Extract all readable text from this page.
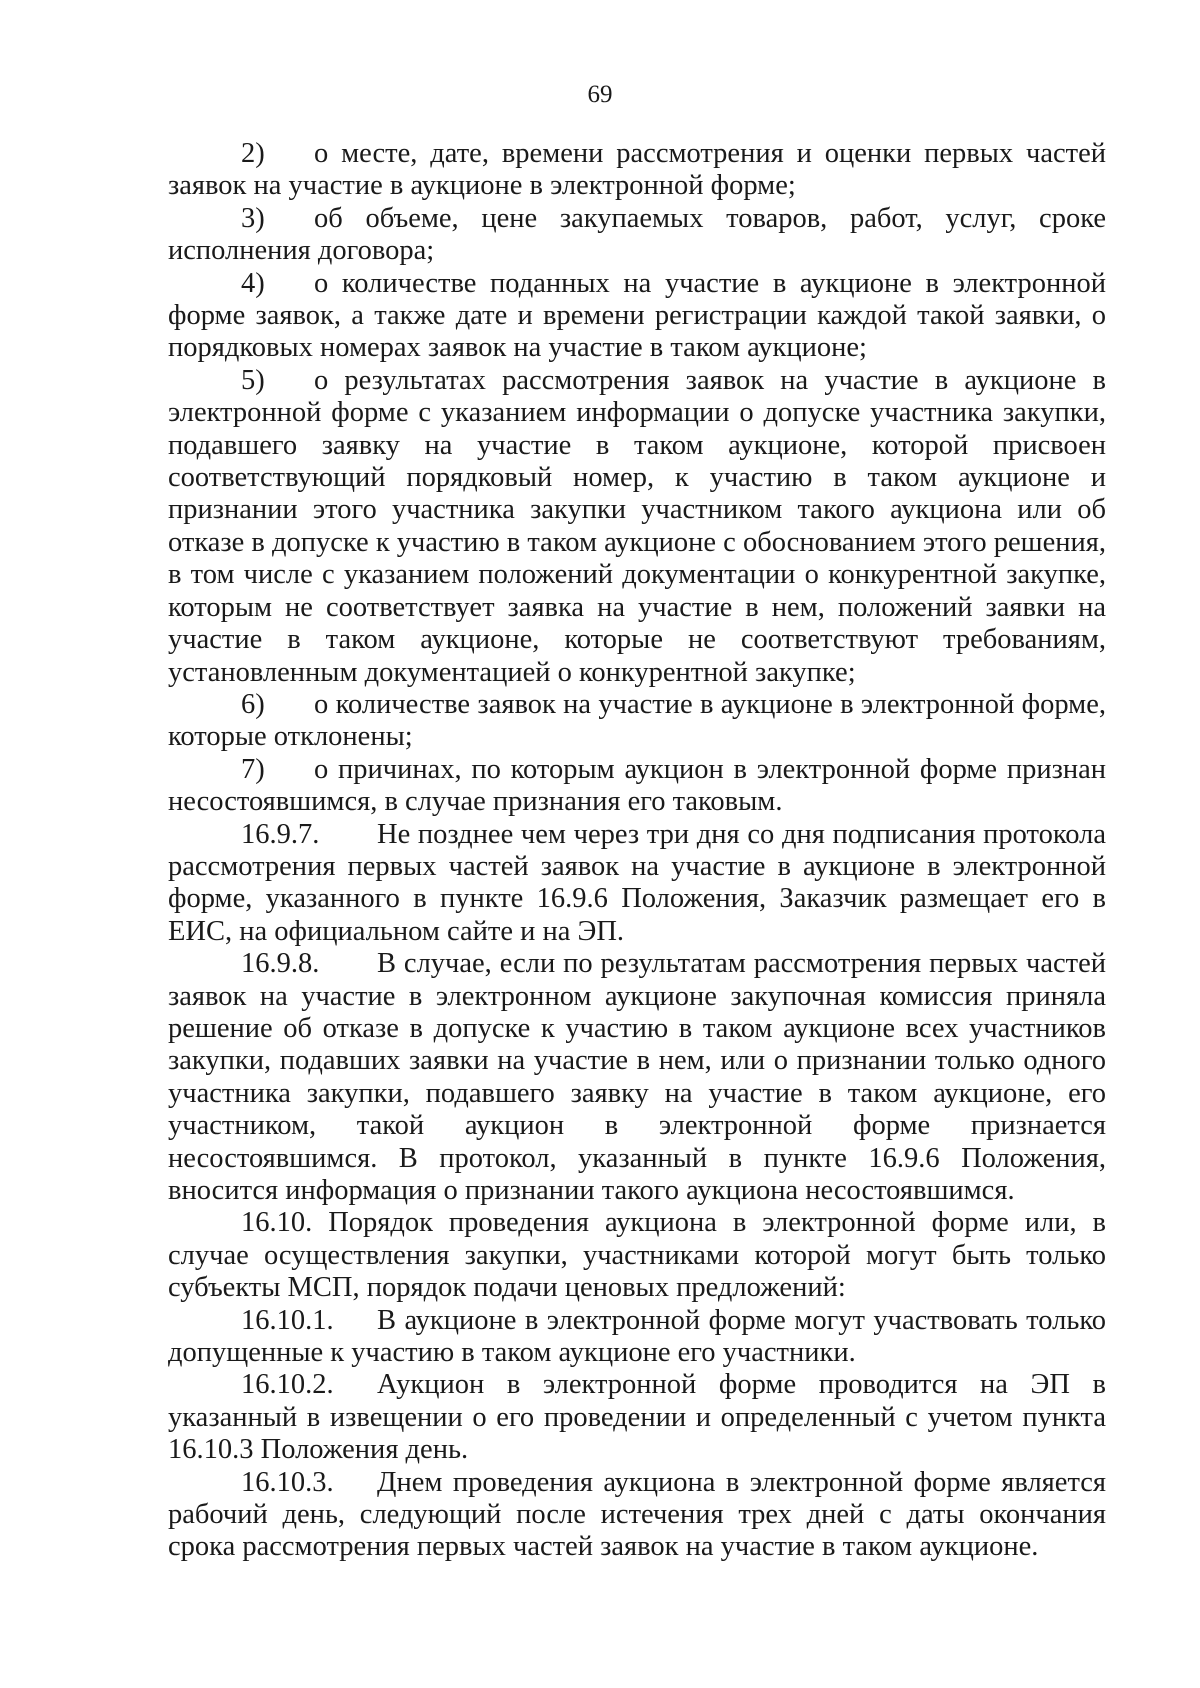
69

2) о месте, дате, времени рассмотрения и оценки первых частей заявок на участие в аукционе в электронной форме;

3) об объеме, цене закупаемых товаров, работ, услуг, сроке исполнения договора;

4) о количестве поданных на участие в аукционе в электронной форме заявок, а также дате и времени регистрации каждой такой заявки, о порядковых номерах заявок на участие в таком аукционе;

5) о результатах рассмотрения заявок на участие в аукционе в электронной форме с указанием информации о допуске участника закупки, подавшего заявку на участие в таком аукционе, которой присвоен соответствующий порядковый номер, к участию в таком аукционе и признании этого участника закупки участником такого аукциона или об отказе в допуске к участию в таком аукционе с обоснованием этого решения, в том числе с указанием положений документации о конкурентной закупке, которым не соответствует заявка на участие в нем, положений заявки на участие в таком аукционе, которые не соответствуют требованиям, установленным документацией о конкурентной закупке;

6) о количестве заявок на участие в аукционе в электронной форме, которые отклонены;

7) о причинах, по которым аукцион в электронной форме признан несостоявшимся, в случае признания его таковым.

16.9.7. Не позднее чем через три дня со дня подписания протокола рассмотрения первых частей заявок на участие в аукционе в электронной форме, указанного в пункте 16.9.6 Положения, Заказчик размещает его в ЕИС, на официальном сайте и на ЭП.

16.9.8. В случае, если по результатам рассмотрения первых частей заявок на участие в электронном аукционе закупочная комиссия приняла решение об отказе в допуске к участию в таком аукционе всех участников закупки, подавших заявки на участие в нем, или о признании только одного участника закупки, подавшего заявку на участие в таком аукционе, его участником, такой аукцион в электронной форме признается несостоявшимся. В протокол, указанный в пункте 16.9.6 Положения, вносится информация о признании такого аукциона несостоявшимся.

16.10. Порядок проведения аукциона в электронной форме или, в случае осуществления закупки, участниками которой могут быть только субъекты МСП, порядок подачи ценовых предложений:

16.10.1. В аукционе в электронной форме могут участвовать только допущенные к участию в таком аукционе его участники.

16.10.2. Аукцион в электронной форме проводится на ЭП в указанный в извещении о его проведении и определенный с учетом пункта 16.10.3 Положения день.

16.10.3. Днем проведения аукциона в электронной форме является рабочий день, следующий после истечения трех дней с даты окончания срока рассмотрения первых частей заявок на участие в таком аукционе.
